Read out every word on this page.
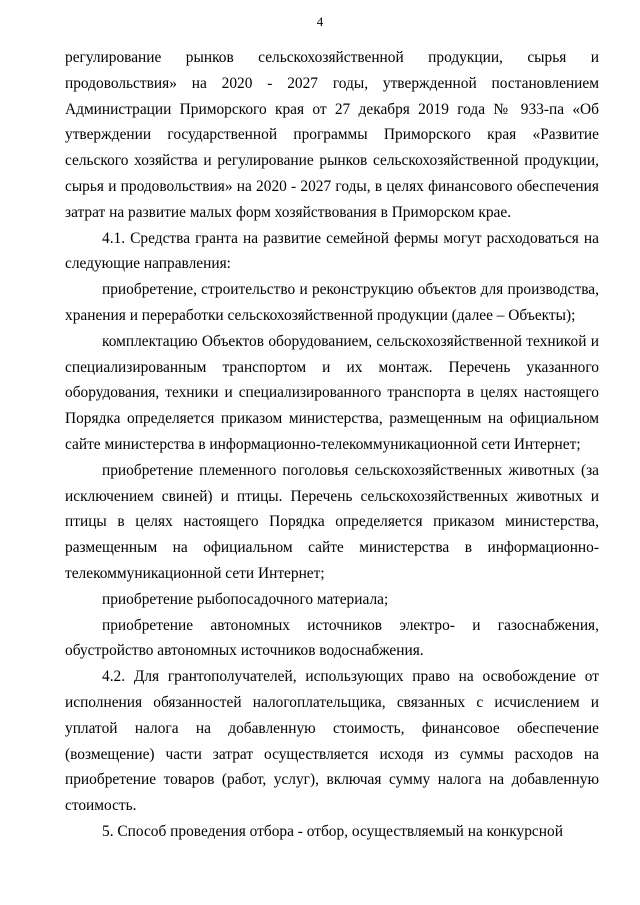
4

регулирование рынков сельскохозяйственной продукции, сырья и продовольствия» на 2020 - 2027 годы, утвержденной постановлением Администрации Приморского края от 27 декабря 2019 года № 933-па «Об утверждении государственной программы Приморского края «Развитие сельского хозяйства и регулирование рынков сельскохозяйственной продукции, сырья и продовольствия» на 2020 - 2027 годы, в целях финансового обеспечения затрат на развитие малых форм хозяйствования в Приморском крае.

4.1. Средства гранта на развитие семейной фермы могут расходоваться на следующие направления:

приобретение, строительство и реконструкцию объектов для производства, хранения и переработки сельскохозяйственной продукции (далее – Объекты);

комплектацию Объектов оборудованием, сельскохозяйственной техникой и специализированным транспортом и их монтаж. Перечень указанного оборудования, техники и специализированного транспорта в целях настоящего Порядка определяется приказом министерства, размещенным на официальном сайте министерства в информационно-телекоммуникационной сети Интернет;

приобретение племенного поголовья сельскохозяйственных животных (за исключением свиней) и птицы. Перечень сельскохозяйственных животных и птицы в целях настоящего Порядка определяется приказом министерства, размещенным на официальном сайте министерства в информационно-телекоммуникационной сети Интернет;

приобретение рыбопосадочного материала;

приобретение автономных источников электро- и газоснабжения, обустройство автономных источников водоснабжения.

4.2. Для грантополучателей, использующих право на освобождение от исполнения обязанностей налогоплательщика, связанных с исчислением и уплатой налога на добавленную стоимость, финансовое обеспечение (возмещение) части затрат осуществляется исходя из суммы расходов на приобретение товаров (работ, услуг), включая сумму налога на добавленную стоимость.

5. Способ проведения отбора - отбор, осуществляемый на конкурсной
